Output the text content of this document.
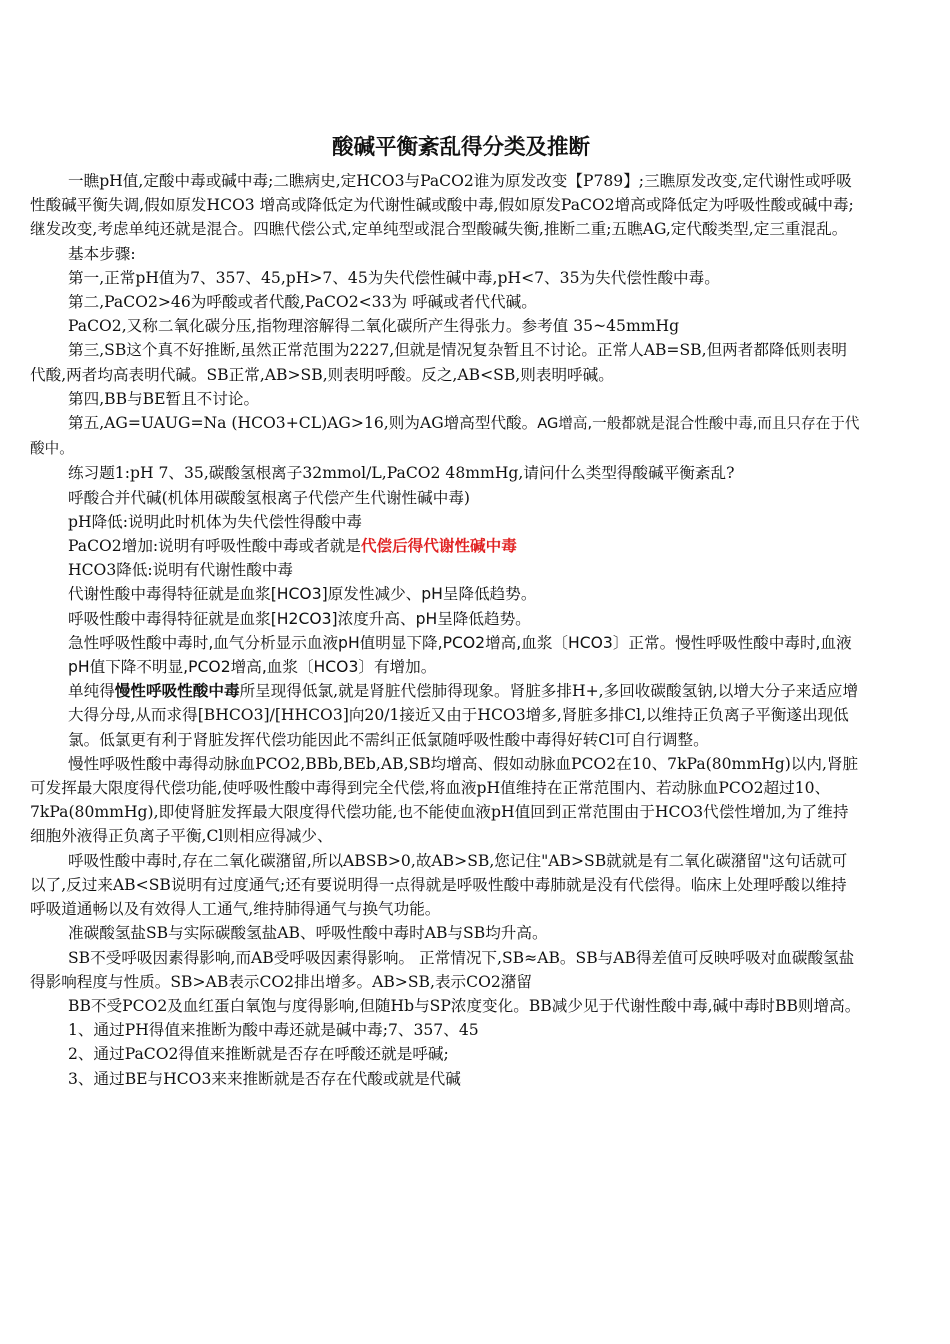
酸碱平衡紊乱得分类及推断

一瞧pH值,定酸中毒或碱中毒;二瞧病史,定HCO3与PaCO2谁为原发改变【P789】;三瞧原发改变,定代谢性或呼吸性酸碱平衡失调,假如原发HCO3 增高或降低定为代谢性碱或酸中毒,假如原发PaCO2增高或降低定为呼吸性酸或碱中毒;继发改变,考虑单纯还就是混合。四瞧代偿公式,定单纯型或混合型酸碱失衡,推断二重;五瞧AG,定代酸类型,定三重混乱。

基本步骤:

第一,正常pH值为7、357、45,pH>7、45为失代偿性碱中毒,pH<7、35为失代偿性酸中毒。

第二,PaCO2>46为呼酸或者代酸,PaCO2<33为 呼碱或者代代碱。

PaCO2,又称二氧化碳分压,指物理溶解得二氧化碳所产生得张力。参考值 35~45mmHg

第三,SB这个真不好推断,虽然正常范围为2227,但就是情况复杂暂且不讨论。正常人AB=SB,但两者都降低则表明代酸,两者均高表明代碱。SB正常,AB>SB,则表明呼酸。反之,AB<SB,则表明呼碱。

第四,BB与BE暂且不讨论。

第五,AG=UAUG=Na (HCO3+CL)AG>16,则为AG增高型代酸。AG增高,一般都就是混合性酸中毒,而且只存在于代酸中。

练习题1:pH 7、35,碳酸氢根离子32mmol/L,PaCO2 48mmHg,请问什么类型得酸碱平衡紊乱?

呼酸合并代碱(机体用碳酸氢根离子代偿产生代谢性碱中毒)

pH降低:说明此时机体为失代偿性得酸中毒

PaCO2增加:说明有呼吸性酸中毒或者就是代偿后得代谢性碱中毒

HCO3降低:说明有代谢性酸中毒

代谢性酸中毒得特征就是血浆[HCO3]原发性减少、pH呈降低趋势。

呼吸性酸中毒得特征就是血浆[H2CO3]浓度升高、pH呈降低趋势。

急性呼吸性酸中毒时,血气分析显示血液pH值明显下降,PCO2增高,血浆〔HCO3〕正常。慢性呼吸性酸中毒时,血液pH值下降不明显,PCO2增高,血浆〔HCO3〕有增加。

单纯得慢性呼吸性酸中毒所呈现得低氯,就是肾脏代偿肺得现象。肾脏多排H+,多回收碳酸氢钠,以增大分子来适应增大得分母,从而求得[BHCO3]/[HHCO3]向20/1接近又由于HCO3增多,肾脏多排Cl,以维持正负离子平衡遂出现低氯。低氯更有利于肾脏发挥代偿功能因此不需纠正低氯随呼吸性酸中毒得好转Cl可自行调整。

慢性呼吸性酸中毒得动脉血PCO2,BBb,BEb,AB,SB均增高、假如动脉血PCO2在10、7kPa(80mmHg)以内,肾脏可发挥最大限度得代偿功能,使呼吸性酸中毒得到完全代偿,将血液pH值维持在正常范围内、若动脉血PCO2超过10、7kPa(80mmHg),即使肾脏发挥最大限度得代偿功能,也不能使血液pH值回到正常范围由于HCO3代偿性增加,为了维持细胞外液得正负离子平衡,Cl则相应得减少、

呼吸性酸中毒时,存在二氧化碳潴留,所以ABSB>0,故AB>SB,您记住"AB>SB就就是有二氧化碳潴留"这句话就可以了,反过来AB<SB说明有过度通气;还有要说明得一点得就是呼吸性酸中毒肺就是没有代偿得。临床上处理呼酸以维持呼吸道通畅以及有效得人工通气,维持肺得通气与换气功能。

准碳酸氢盐SB与实际碳酸氢盐AB、呼吸性酸中毒时AB与SB均升高。

SB不受呼吸因素得影响,而AB受呼吸因素得影响。 正常情况下,SB≈AB。SB与AB得差值可反映呼吸对血碳酸氢盐得影响程度与性质。SB>AB表示CO2排出增多。AB>SB,表示CO2潴留

BB不受PCO2及血红蛋白氧饱与度得影响,但随Hb与SP浓度变化。BB减少见于代谢性酸中毒,碱中毒时BB则增高。

1、通过PH得值来推断为酸中毒还就是碱中毒;7、357、45

2、通过PaCO2得值来推断就是否存在呼酸还就是呼碱;

3、通过BE与HCO3来来推断就是否存在代酸或就是代碱
